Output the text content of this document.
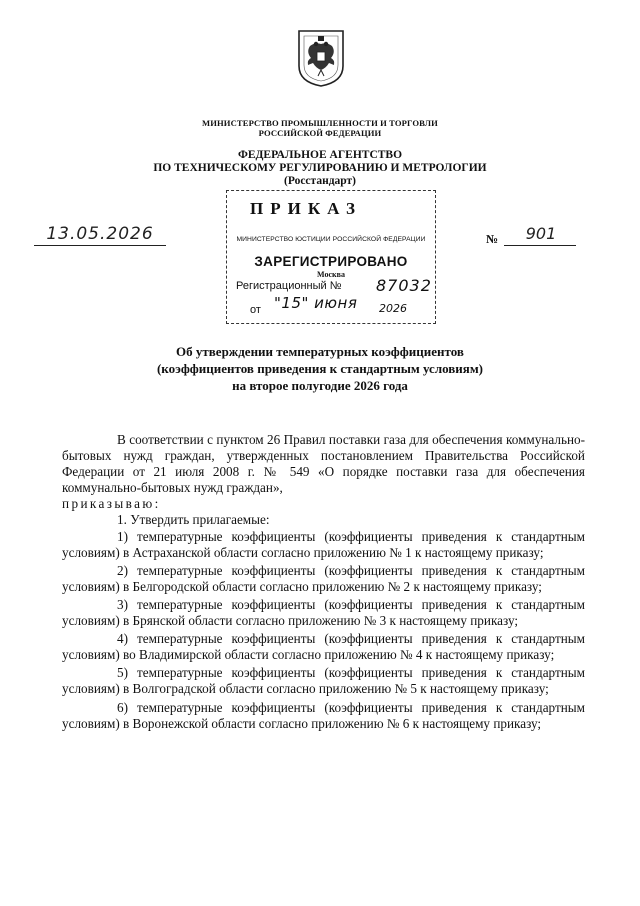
МИНИСТЕРСТВО ПРОМЫШЛЕННОСТИ И ТОРГОВЛИ
РОССИЙСКОЙ ФЕДЕРАЦИИ
ФЕДЕРАЛЬНОЕ АГЕНТСТВО
ПО ТЕХНИЧЕСКОМУ РЕГУЛИРОВАНИЮ И МЕТРОЛОГИИ
(Росстандарт)
ПРИКАЗ
13.05.2026	№	901
МИНИСТЕРСТВО ЮСТИЦИИ РОССИЙСКОЙ ФЕДЕРАЦИИ
ЗАРЕГИСТРИРОВАНО
Москва
Регистрационный № 87032
от "15" июня 2026
Об утверждении температурных коэффициентов
(коэффициентов приведения к стандартным условиям)
на второе полугодие 2026 года

В соответствии с пунктом 26 Правил поставки газа для обеспечения коммунально-бытовых нужд граждан, утвержденных постановлением Правительства Российской Федерации от 21 июля 2008 г. № 549 «О порядке поставки газа для обеспечения коммунально-бытовых нужд граждан»,

приказываю:

1. Утвердить прилагаемые:

1) температурные коэффициенты (коэффициенты приведения к стандартным условиям) в Астраханской области согласно приложению № 1 к настоящему приказу;

2) температурные коэффициенты (коэффициенты приведения к стандартным условиям) в Белгородской области согласно приложению № 2 к настоящему приказу;

3) температурные коэффициенты (коэффициенты приведения к стандартным условиям) в Брянской области согласно приложению № 3 к настоящему приказу;

4) температурные коэффициенты (коэффициенты приведения к стандартным условиям) во Владимирской области согласно приложению № 4 к настоящему приказу;

5) температурные коэффициенты (коэффициенты приведения к стандартным условиям) в Волгоградской области согласно приложению № 5 к настоящему приказу;

6) температурные коэффициенты (коэффициенты приведения к стандартным условиям) в Воронежской области согласно приложению № 6 к настоящему приказу;
